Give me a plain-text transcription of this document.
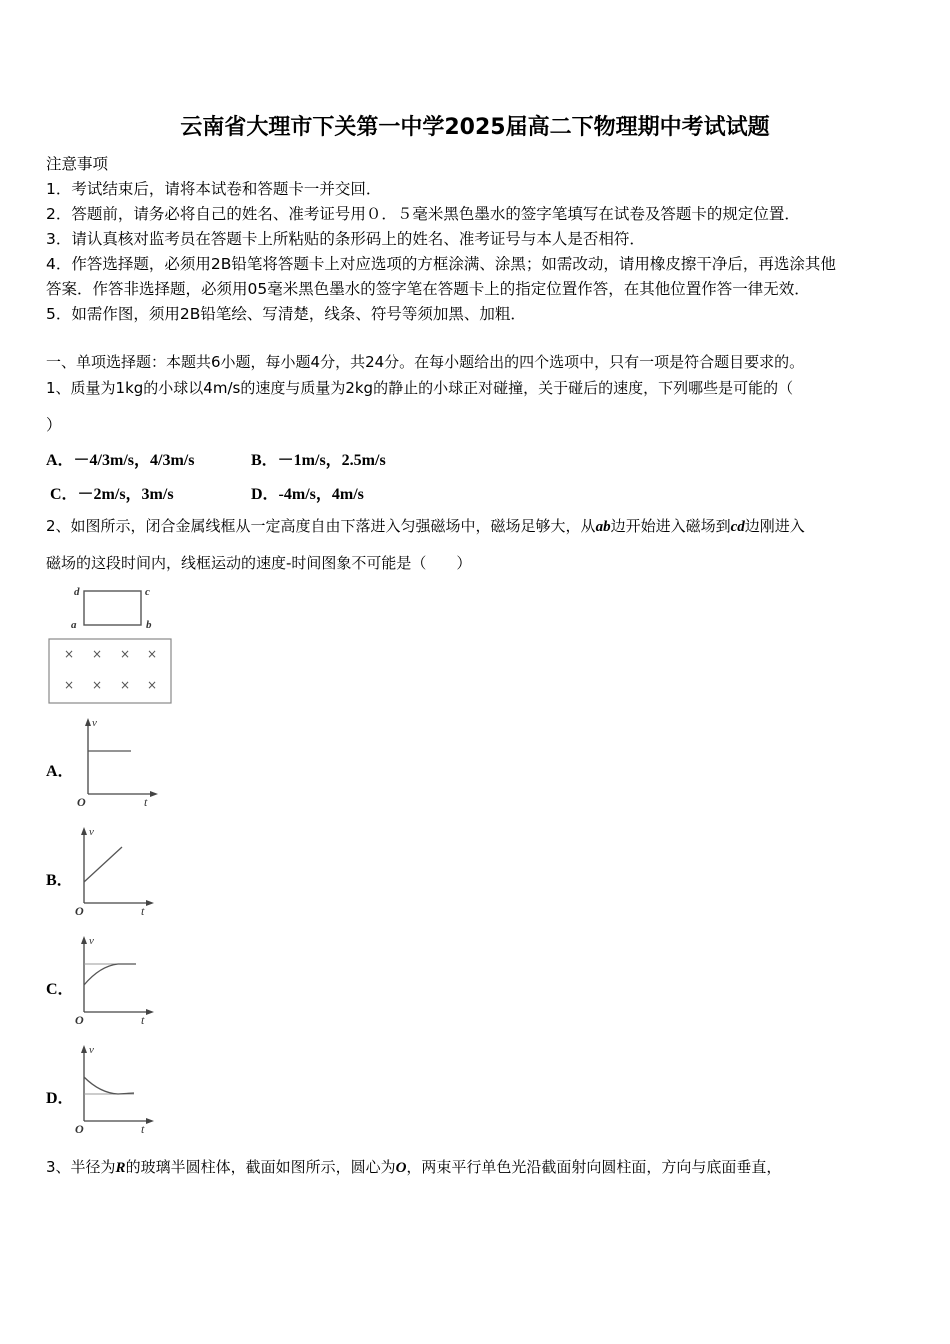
云南省大理市下关第一中学2025届高二下物理期中考试试题
注意事项
1．考试结束后，请将本试卷和答题卡一并交回．
2．答题前，请务必将自己的姓名、准考证号用０．５毫米黑色墨水的签字笔填写在试卷及答题卡的规定位置．
3．请认真核对监考员在答题卡上所粘贴的条形码上的姓名、准考证号与本人是否相符．
4．作答选择题，必须用2B铅笔将答题卡上对应选项的方框涂满、涂黑；如需改动，请用橡皮擦干净后，再选涂其他
答案．作答非选择题，必须用05毫米黑色墨水的签字笔在答题卡上的指定位置作答，在其他位置作答一律无效．
5．如需作图，须用2B铅笔绘、写清楚，线条、符号等须加黑、加粗．
一、单项选择题：本题共6小题，每小题4分，共24分。在每小题给出的四个选项中，只有一项是符合题目要求的。
1、质量为1kg的小球以4m/s的速度与质量为2kg的静止的小球正对碰撞，关于碰后的速度，下列哪些是可能的（
）
A．－4/3m/s，4/3m/s	B．－1m/s，2.5m/s
C．－2m/s，3m/s	D．-4m/s，4m/s
2、如图所示，闭合金属线框从一定高度自由下落进入匀强磁场中，磁场足够大，从ab边开始进入磁场到cd边刚进入
磁场的这段时间内，线框运动的速度-时间图象不可能是（　　）
d	c
a	b
× × × ×
× × × ×
A．
v
O	t
B．
v
O	t
C．
v
O	t
D．
v
O	t
3、半径为R的玻璃半圆柱体，截面如图所示，圆心为O，两束平行单色光沿截面射向圆柱面，方向与底面垂直，
